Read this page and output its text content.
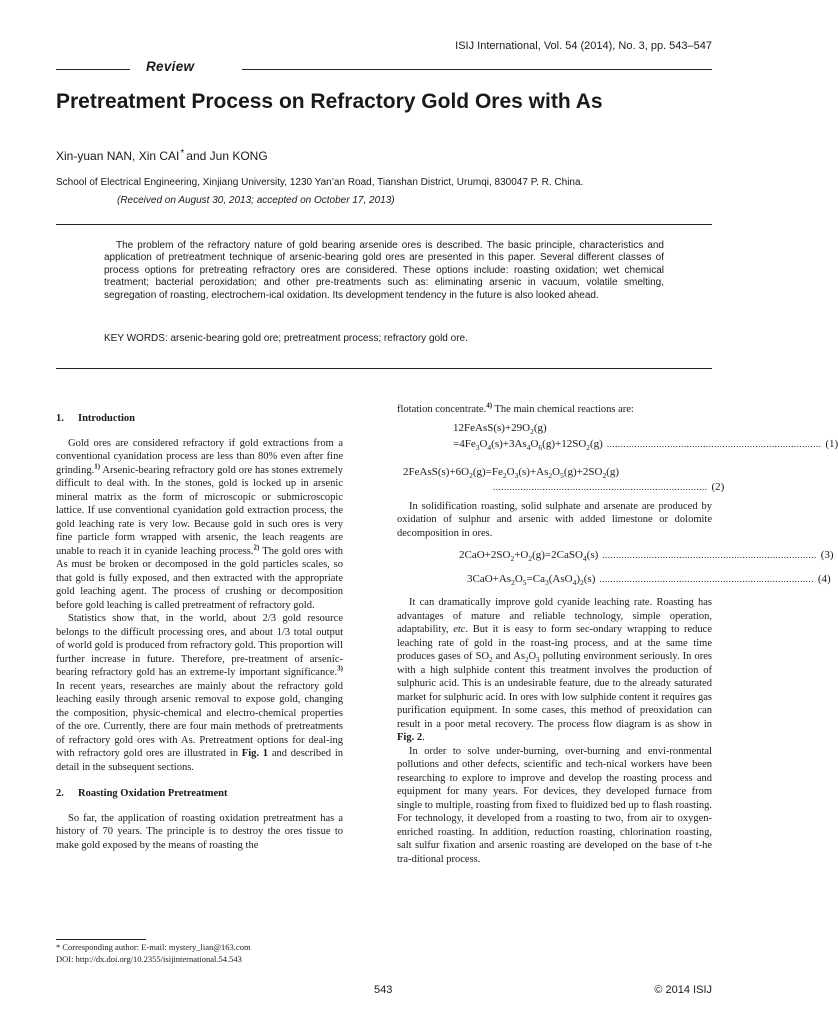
ISIJ International, Vol. 54 (2014), No. 3, pp. 543–547
Review
Pretreatment Process on Refractory Gold Ores with As
Xin-yuan NAN, Xin CAI* and Jun KONG
School of Electrical Engineering, Xinjiang University, 1230 Yan’an Road, Tianshan District, Urumqi, 830047 P. R. China.
(Received on August 30, 2013; accepted on October 17, 2013)
The problem of the refractory nature of gold bearing arsenide ores is described. The basic principle, characteristics and application of pretreatment technique of arsenic-bearing gold ores are presented in this paper. Several different classes of process options for pretreating refractory ores are considered. These options include: roasting oxidation; wet chemical treatment; bacterial peroxidation; and other pre-treatments such as: eliminating arsenic in vacuum, volatile smelting, segregation of roasting, electrochem-ical oxidation. Its development tendency in the future is also looked ahead.
KEY WORDS: arsenic-bearing gold ore; pretreatment process; refractory gold ore.
1. Introduction

Gold ores are considered refractory if gold extractions from a conventional cyanidation process are less than 80% even after fine grinding.$^{1)}$ Arsenic-bearing refractory gold ore has stones extremely difficult to deal with. In the stones, gold is locked up in arsenic mineral matrix as the form of microscopic or submicroscopic lattice. If use conventional cyanidation gold extraction process, the gold leaching rate is very low. Because gold in such ores is very fine particle form wrapped with arsenic, the leach reagents are unable to reach it in cyanide leaching process.$^{2)}$ The gold ores with As must be broken or decomposed in the gold particles scales, so that gold is fully exposed, and then extracted with the appropriate gold leaching agent. The process of crushing or decomposition before gold leaching is called pretreatment of refractory gold.

Statistics show that, in the world, about 2/3 gold resource belongs to the difficult processing ores, and about 1/3 total output of world gold is produced from refractory gold. This proportion will further increase in future. Therefore, pre-treatment of arsenic-bearing refractory gold has an extreme-ly important significance.$^{3)}$ In recent years, researches are mainly about the refractory gold leaching easily through arsenic removal to expose gold, changing the composition, physic-chemical and electro-chemical properties of the ore. Currently, there are four main methods of pretreatments of refractory gold ores with As. Pretreatment options for deal-ing with refractory gold ores are illustrated in Fig. 1 and described in detail in the subsequent sections.

2. Roasting Oxidation Pretreatment

So far, the application of roasting oxidation pretreatment has a history of 70 years. The principle is to destroy the ores tissue to make gold exposed by the means of roasting the

flotation concentrate.$^{4)}$ The main chemical reactions are:

$12FeAsS(s)+29O_2(g)$
$=4Fe_3O_4(s)+3As_4O_6(g)+12SO_2(g)$ .............................................................................. (1)
$2FeAsS(s)+6O_2(g)=Fe_2O_3(s)+As_2O_5(g)+2SO_2(g)$
.............................................................................. (2)

In solidification roasting, solid sulphate and arsenate are produced by oxidation of sulphur and arsenic with added limestone or dolomite decomposition in ores.

$2CaO+2SO_2+O_2(g)=2CaSO_4(s)$ .............................................................................. (3)
$3CaO+As_2O_5=Ca_3(AsO_4)_2(s)$ .............................................................................. (4)

It can dramatically improve gold cyanide leaching rate. Roasting has advantages of mature and reliable technology, simple operation, adaptability, etc. But it is easy to form sec-ondary wrapping to reduce leaching rate of gold in the roast-ing process, and at the same time produces gases of $SO_2$ and $As_2O_3$ polluting environment seriously. In ores with a high sulphide content this treatment involves the production of sulphuric acid. This is an undesirable feature, due to the already saturated market for sulphuric acid. In ores with low sulphide content it requires gas purification equipment. In some cases, this method of preoxidation can result in a poor metal recovery. The process flow diagram is as show in Fig. 2.

In order to solve under-burning, over-burning and envi-ronmental pollutions and other defects, scientific and tech-nical workers have been researching to explore to improve and develop the roasting process and equipment for many years. For devices, they developed furnace from single to multiple, roasting from fixed to fluidized bed up to flash roasting. For technology, it developed from a roasting to two, from air to oxygen-enriched roasting. In addition, reduction roasting, chlorination roasting, salt sulfur fixation and arsenic roasting are developed on the base of t-he tra-ditional process.

* Corresponding author: E-mail: mystery_lian@163.com
DOI: http://dx.doi.org/10.2355/isijinternational.54.543
543	© 2014 ISIJ
